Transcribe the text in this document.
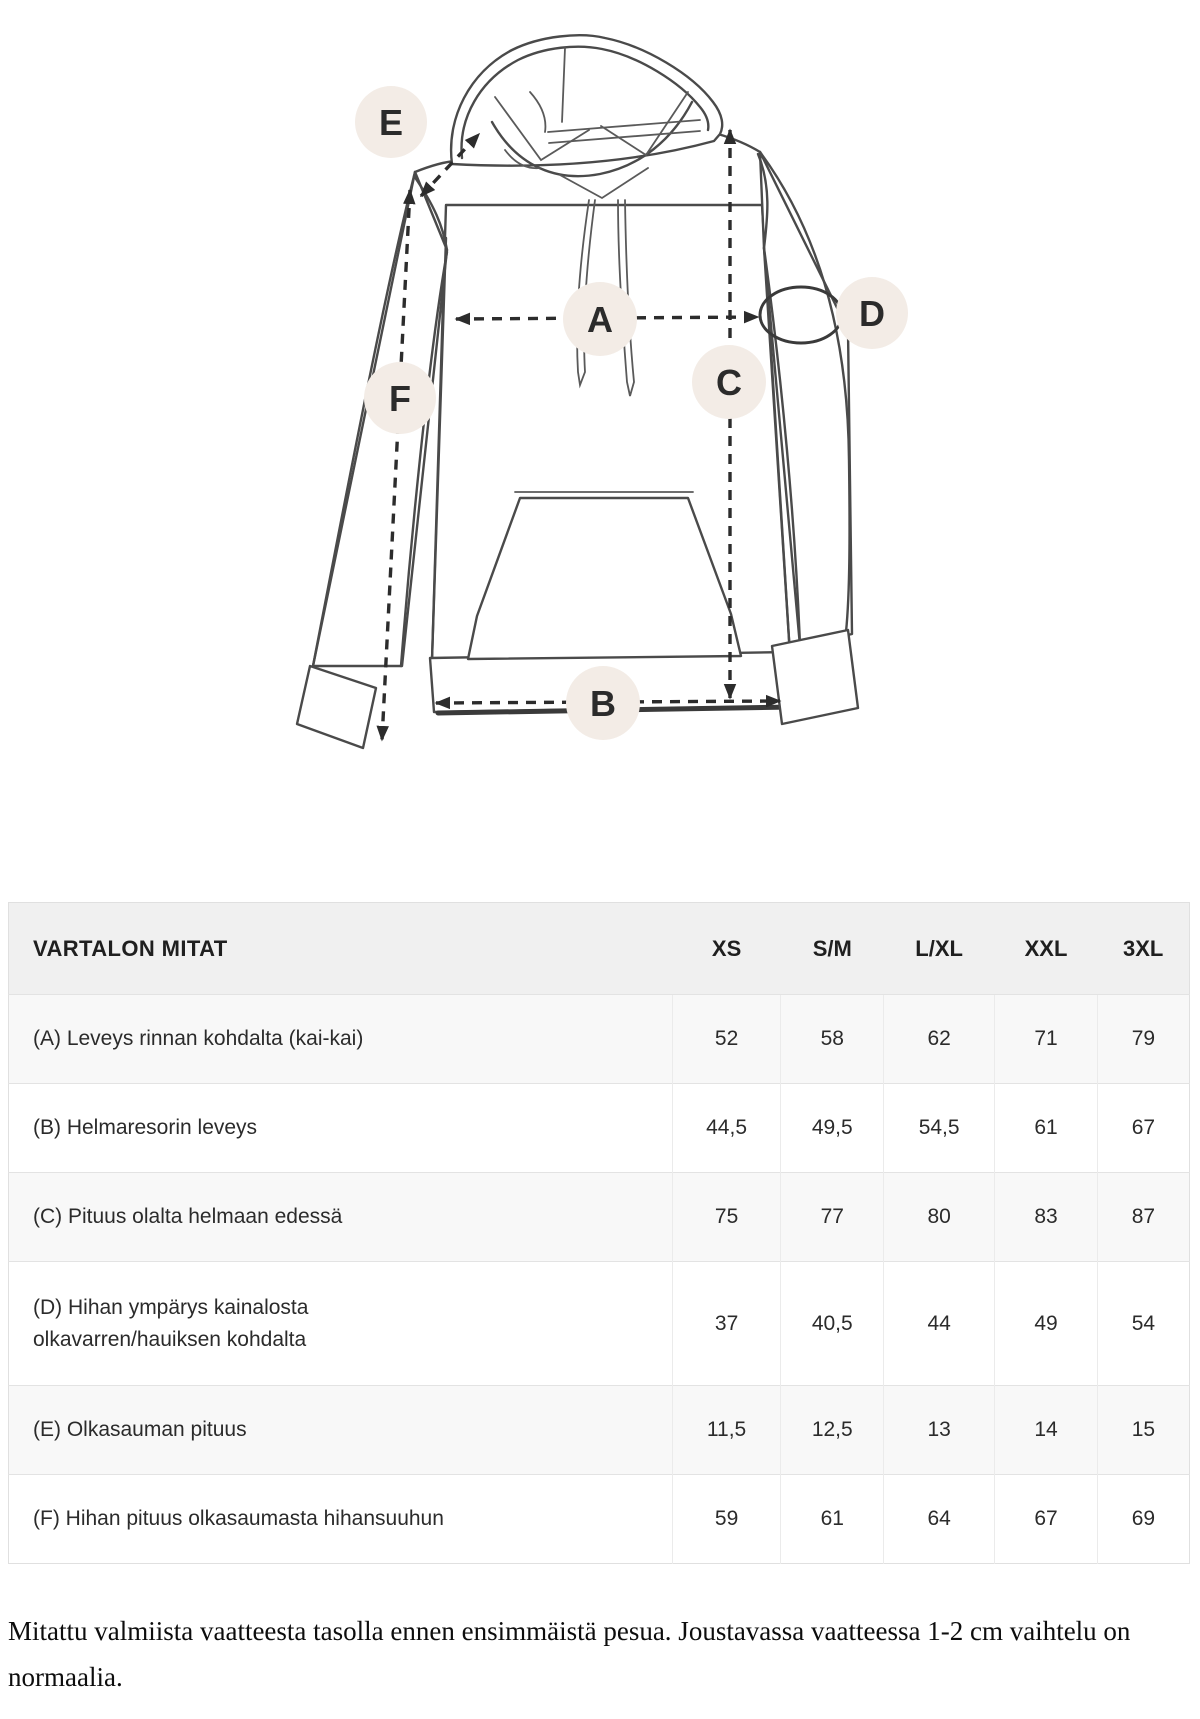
A
B
C
D
E
F
VARTALON MITAT	XS	S/M	L/XL	XXL	3XL

(A) Leveys rinnan kohdalta (kai-kai)	52	58	62	71	79

(B) Helmaresorin leveys	44,5	49,5	54,5	61	67

(C) Pituus olalta helmaan edessä	75	77	80	83	87

(D) Hihan ympärys kainalosta
olkavarren/hauiksen kohdalta	37	40,5	44	49	54

(E) Olkasauman pituus	11,5	12,5	13	14	15

(F) Hihan pituus olkasaumasta hihansuuhun	59	61	64	67	69
Mitattu valmiista vaatteesta tasolla ennen ensimmäistä pesua. Joustavassa vaatteessa 1-2 cm vaihtelu on normaalia.
